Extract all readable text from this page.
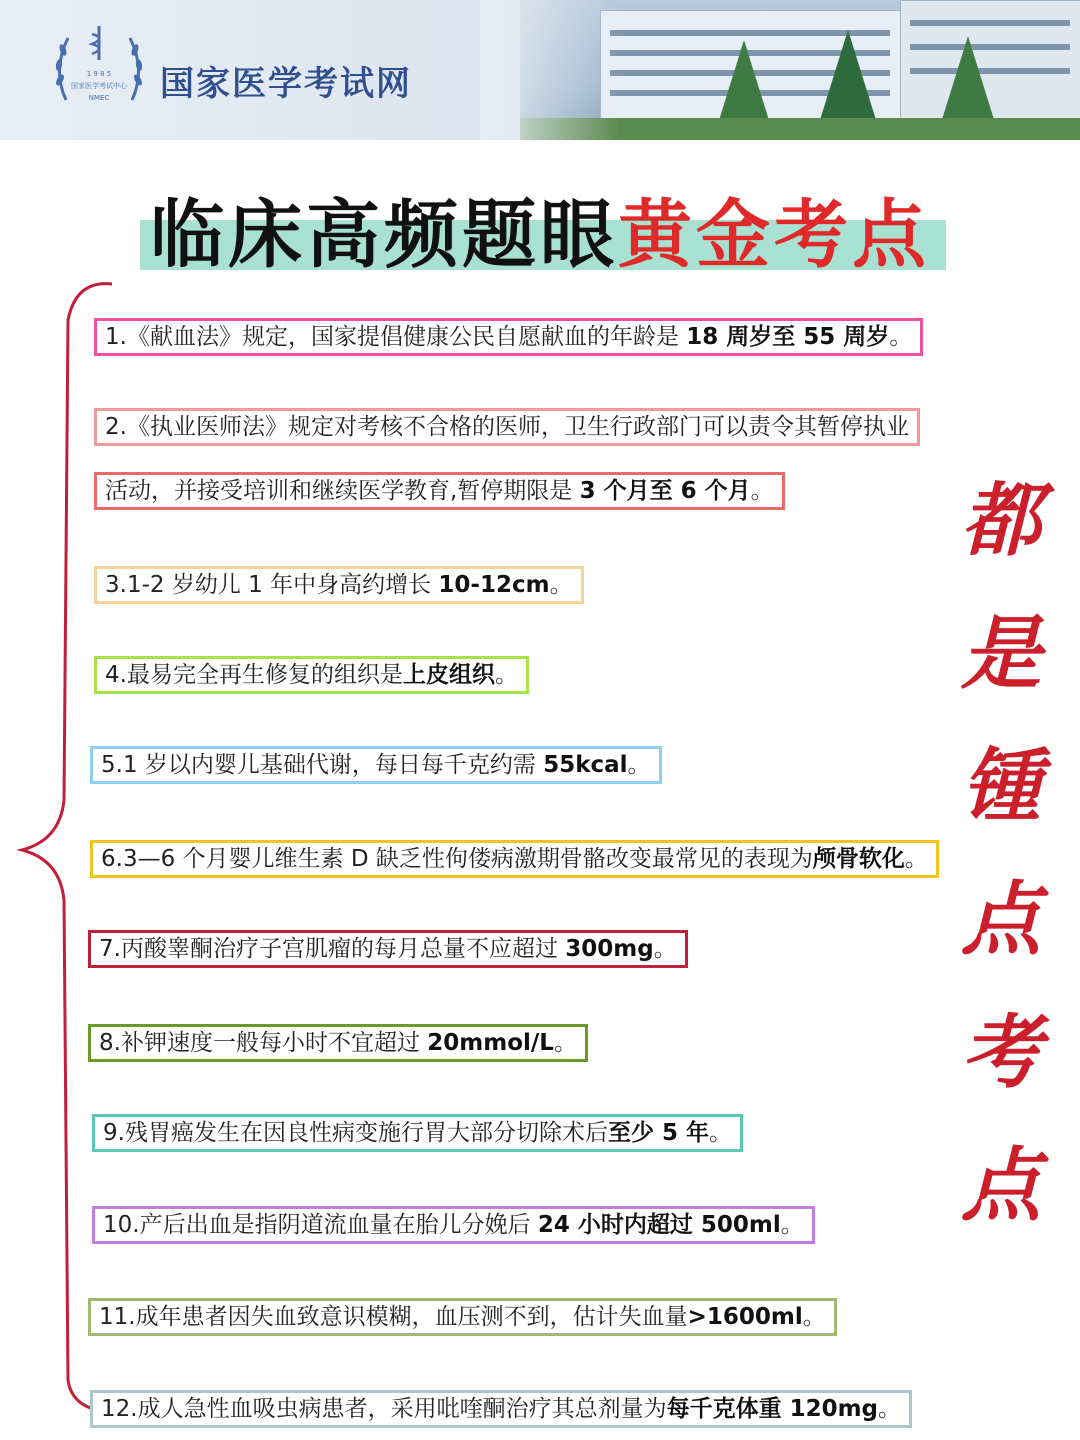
1 9 8 5
国家医学考试中心
NMEC 国家医学考试网
临床高频题眼黄金考点
1.《献血法》规定，国家提倡健康公民自愿献血的年龄是 18 周岁至 55 周岁。
2.《执业医师法》规定对考核不合格的医师，卫生行政部门可以责令其暂停执业
活动，并接受培训和继续医学教育,暂停期限是 3 个月至 6 个月。
3.1-2 岁幼儿 1 年中身高约增长 10-12cm。
4.最易完全再生修复的组织是上皮组织。
5.1 岁以内婴儿基础代谢，每日每千克约需 55kcal。
6.3—6 个月婴儿维生素 D 缺乏性佝偻病激期骨骼改变最常见的表现为颅骨软化。
7.丙酸睾酮治疗子宫肌瘤的每月总量不应超过 300mg。
8.补钾速度一般每小时不宜超过 20mmol/L。
9.残胃癌发生在因良性病变施行胃大部分切除术后至少 5 年。
10.产后出血是指阴道流血量在胎儿分娩后 24 小时内超过 500ml。
11.成年患者因失血致意识模糊，血压测不到，估计失血量>1600ml。
12.成人急性血吸虫病患者，采用吡喹酮治疗其总剂量为每千克体重 120mg。
都
是
锺
点
考
点
